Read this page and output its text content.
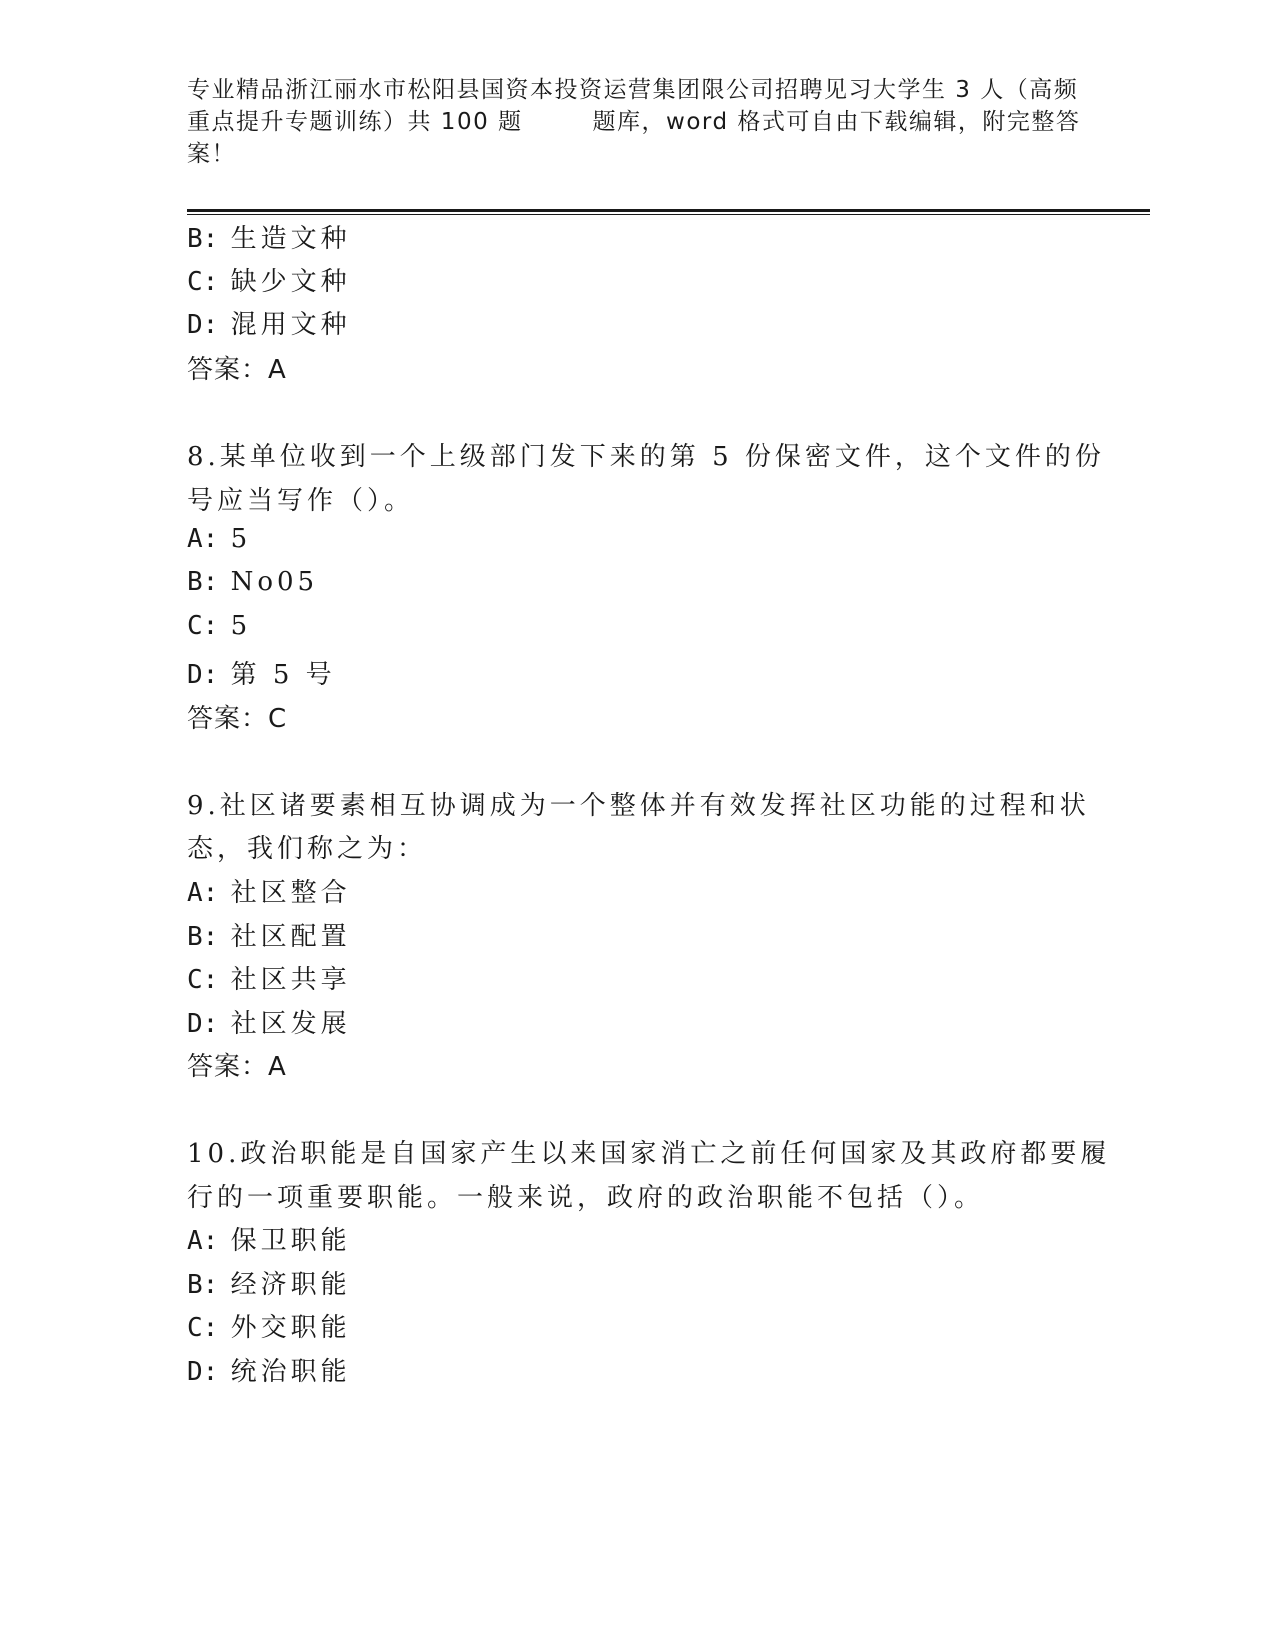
专业精品浙江丽水市松阳县国资本投资运营集团限公司招聘见习大学生 3 人（高频
重点提升专题训练）共 100 题	题库，word 格式可自由下载编辑，附完整答
案！
B: 生造文种
C: 缺少文种
D: 混用文种
答案：A
8.某单位收到一个上级部门发下来的第 5 份保密文件，这个文件的份
号应当写作（）。
A: 5
B: No05
C: 5
D: 第 5 号
答案：C
9.社区诸要素相互协调成为一个整体并有效发挥社区功能的过程和状
态，我们称之为：
A: 社区整合
B: 社区配置
C: 社区共享
D: 社区发展
答案：A
10.政治职能是自国家产生以来国家消亡之前任何国家及其政府都要履
行的一项重要职能。一般来说，政府的政治职能不包括（）。
A: 保卫职能
B: 经济职能
C: 外交职能
D: 统治职能
